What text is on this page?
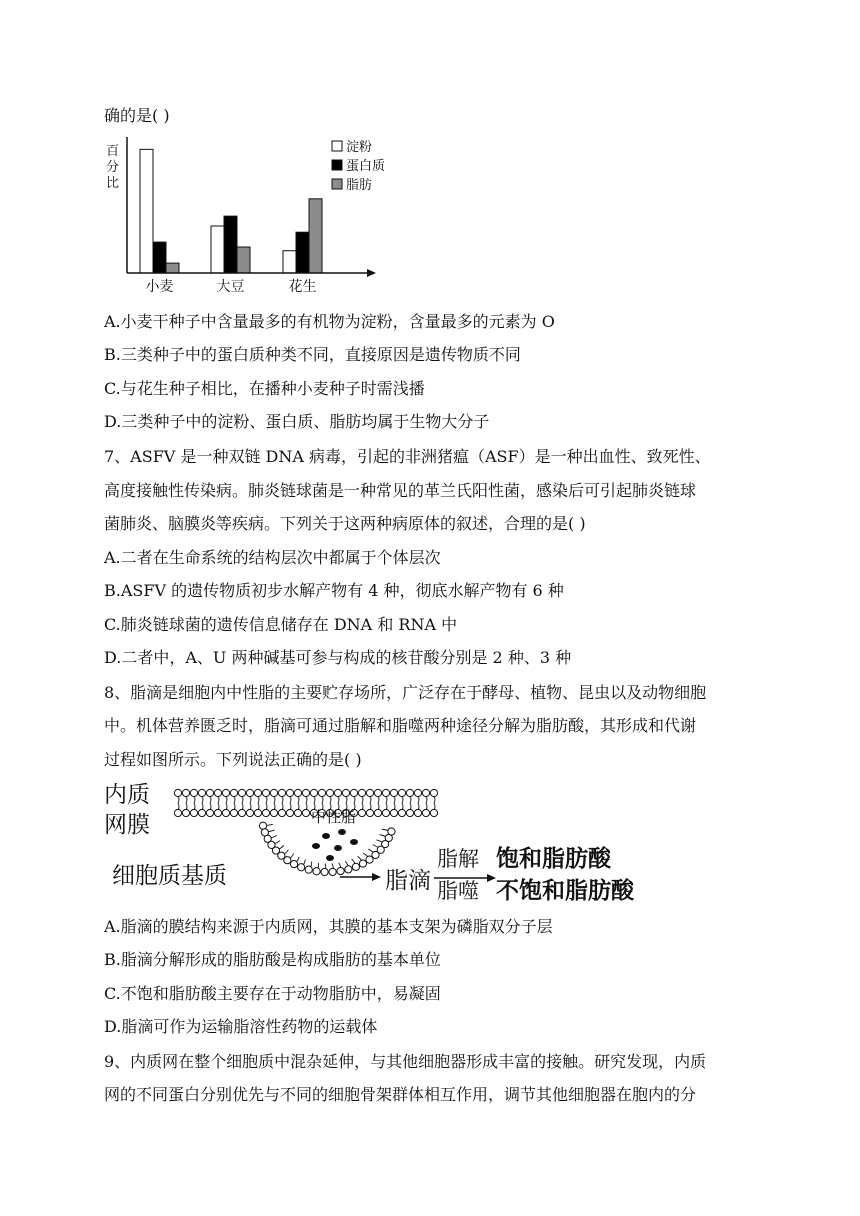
确的是( )
百
分
比
淀粉
蛋白质
脂肪
小麦	大豆	花生
A.小麦干种子中含量最多的有机物为淀粉，含量最多的元素为 O
B.三类种子中的蛋白质种类不同，直接原因是遗传物质不同
C.与花生种子相比，在播种小麦种子时需浅播
D.三类种子中的淀粉、蛋白质、脂肪均属于生物大分子
7、ASFV 是一种双链 DNA 病毒，引起的非洲猪瘟（ASF）是一种出血性、致死性、
高度接触性传染病。肺炎链球菌是一种常见的革兰氏阳性菌，感染后可引起肺炎链球
菌肺炎、脑膜炎等疾病。下列关于这两种病原体的叙述，合理的是( )
A.二者在生命系统的结构层次中都属于个体层次
B.ASFV 的遗传物质初步水解产物有 4 种，彻底水解产物有 6 种
C.肺炎链球菌的遗传信息储存在 DNA 和 RNA 中
D.二者中，A、U 两种碱基可参与构成的核苷酸分别是 2 种、3 种
8、脂滴是细胞内中性脂的主要贮存场所，广泛存在于酵母、植物、昆虫以及动物细胞
中。机体营养匮乏时，脂滴可通过脂解和脂噬两种途径分解为脂肪酸，其形成和代谢
过程如图所示。下列说法正确的是( )
内质
网膜	中性脂
细胞质基质	脂滴
脂解
脂噬
饱和脂肪酸
不饱和脂肪酸
A.脂滴的膜结构来源于内质网，其膜的基本支架为磷脂双分子层
B.脂滴分解形成的脂肪酸是构成脂肪的基本单位
C.不饱和脂肪酸主要存在于动物脂肪中，易凝固
D.脂滴可作为运输脂溶性药物的运载体
9、内质网在整个细胞质中混杂延伸，与其他细胞器形成丰富的接触。研究发现，内质
网的不同蛋白分别优先与不同的细胞骨架群体相互作用，调节其他细胞器在胞内的分
